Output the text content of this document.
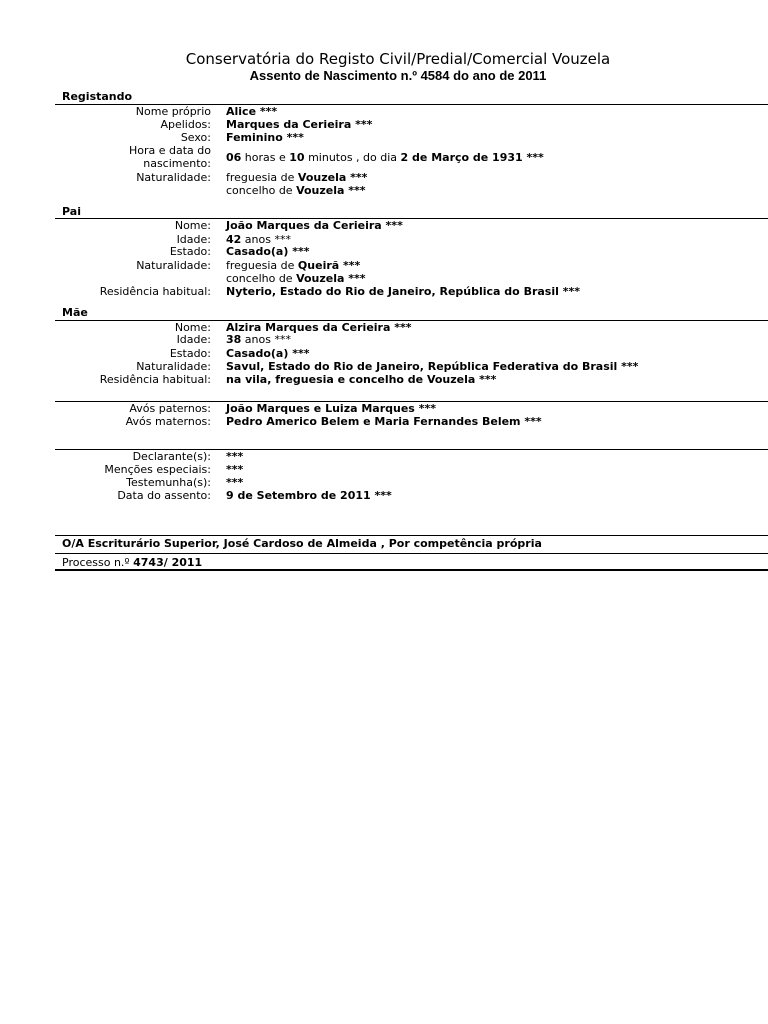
Conservatória do Registo Civil/Predial/Comercial Vouzela
Assento de Nascimento n.º 4584 do ano de 2011
Registando
Nome próprio Alice ***
Apelidos: Marques da Cerieira ***
Sexo: Feminino ***
Hora e data do
nascimento: 06 horas e 10 minutos , do dia 2 de Março de 1931 ***
Naturalidade: freguesia de Vouzela ***
concelho de Vouzela ***
Pai
Nome: João Marques da Cerieira ***
Idade: 42 anos ***
Estado: Casado(a) ***
Naturalidade: freguesia de Queirã ***
concelho de Vouzela ***
Residência habitual: Nyterio, Estado do Rio de Janeiro, República do Brasil ***
Mãe
Nome: Alzira Marques da Cerieira ***
Idade: 38 anos ***
Estado: Casado(a) ***
Naturalidade: Savul, Estado do Rio de Janeiro, República Federativa do Brasil ***
Residência habitual: na vila, freguesia e concelho de Vouzela ***
Avós paternos: João Marques e Luiza Marques ***
Avós maternos: Pedro Americo Belem e Maria Fernandes Belem ***
Declarante(s): ***
Menções especiais: ***
Testemunha(s): ***
Data do assento: 9 de Setembro de 2011 ***
O/A Escriturário Superior, José Cardoso de Almeida , Por competência própria
Processo n.º 4743/ 2011
